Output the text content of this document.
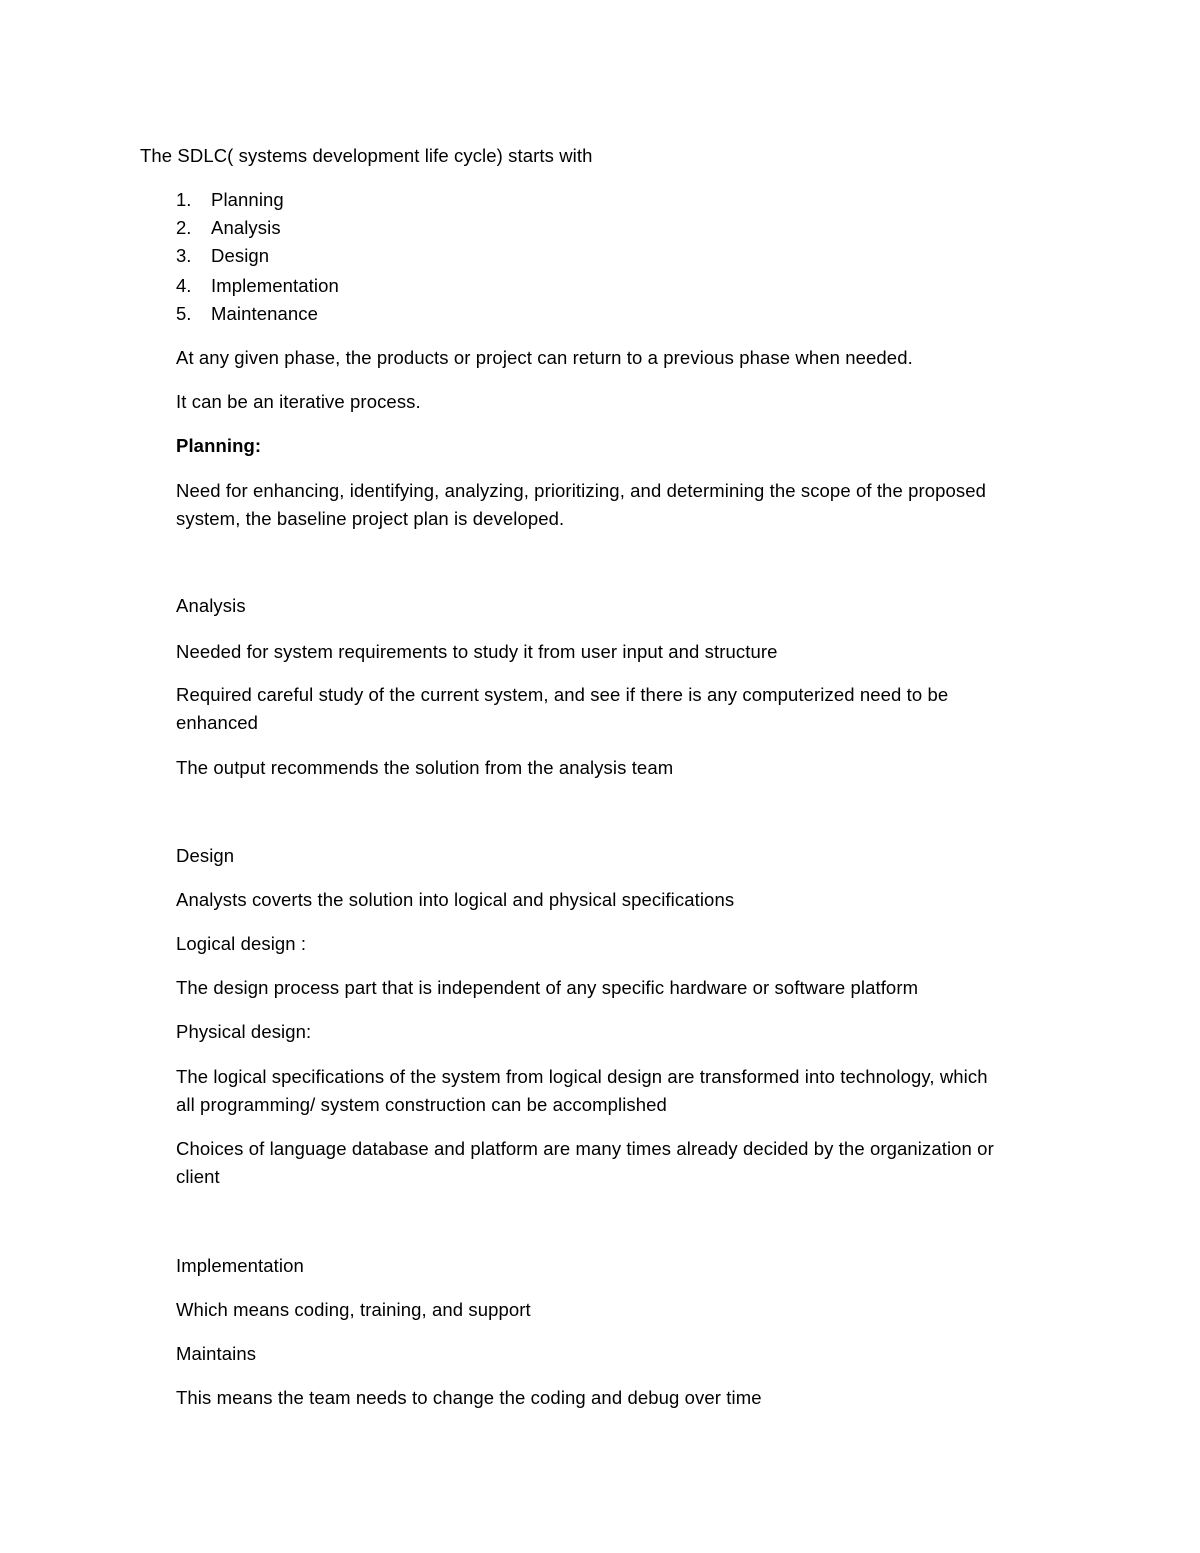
The SDLC( systems development life cycle) starts with
1. Planning
2. Analysis
3. Design
4. Implementation
5. Maintenance
At any given phase, the products or project can return to a previous phase when needed.
It can be an iterative process.
Planning:
Need for enhancing, identifying, analyzing, prioritizing, and determining the scope of the proposed
system, the baseline project plan is developed.
Analysis
Needed for system requirements to study it from user input and structure
Required careful study of the current system, and see if there is any computerized need to be
enhanced
The output recommends the solution from the analysis team
Design
Analysts coverts the solution into logical and physical specifications
Logical design :
The design process part that is independent of any specific hardware or software platform
Physical design:
The logical specifications of the system from logical design are transformed into technology, which
all programming/ system construction can be accomplished
Choices of language database and platform are many times already decided by the organization or
client
Implementation
Which means coding, training, and support
Maintains
This means the team needs to change the coding and debug over time
